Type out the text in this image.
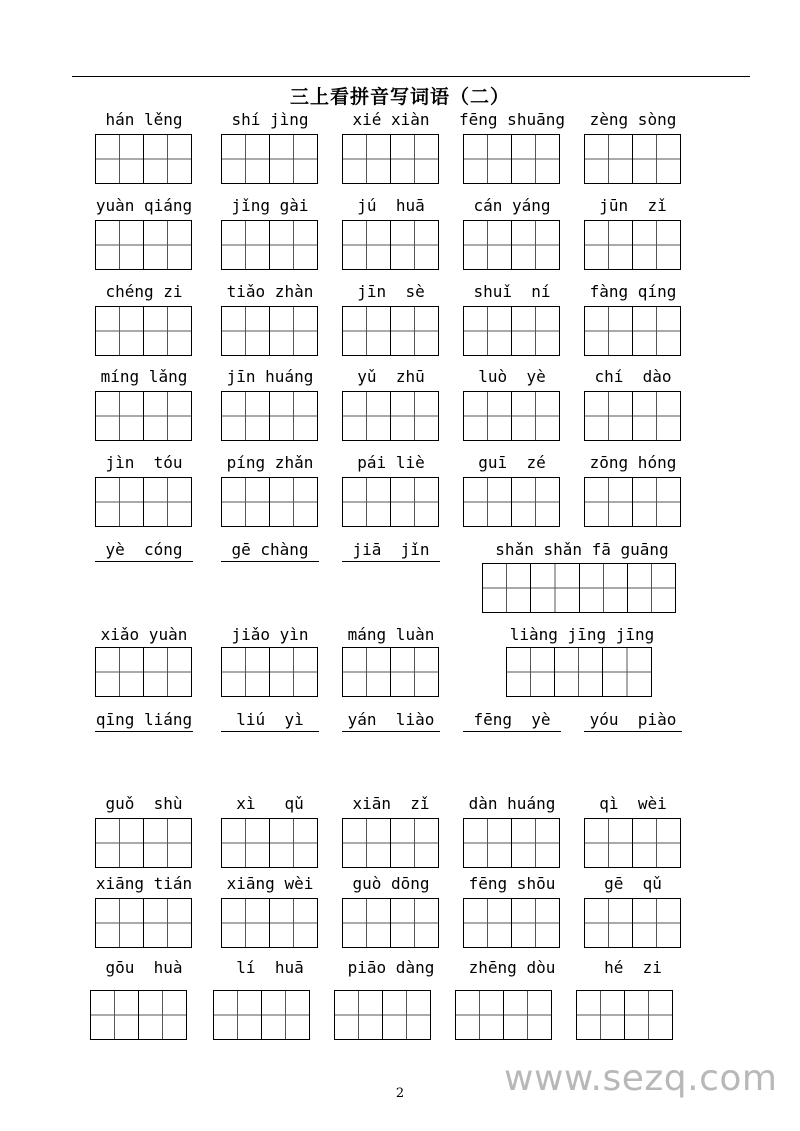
三上看拼音写词语（二）
hán lěng	shí jìng	xié xiàn	fēng shuāng	zèng sòng
yuàn qiáng	jǐng gài	jú  huā	cán yáng	jūn  zǐ
chéng zi	tiǎo zhàn	jīn  sè	shuǐ  ní	fàng qíng
míng lǎng	jīn huáng	yǔ  zhū	luò  yè	chí  dào
jìn  tóu	píng zhǎn	pái liè	guī  zé	zōng hóng
yè  cóng	gē chàng	jiā  jǐn	shǎn shǎn fā guāng
xiǎo yuàn	jiǎo yìn	máng luàn	liàng jīng jīng
qīng liáng	liú  yì	yán  liào	fēng  yè	yóu  piào
guǒ  shù	xì   qǔ	xiān  zǐ	dàn huáng	qì  wèi
xiāng tián	xiāng wèi	guò dōng	fēng shōu	gē  qǔ
gōu  huà	lí  huā	piāo dàng	zhēng dòu	hé  zi
2	www.sezq.com
